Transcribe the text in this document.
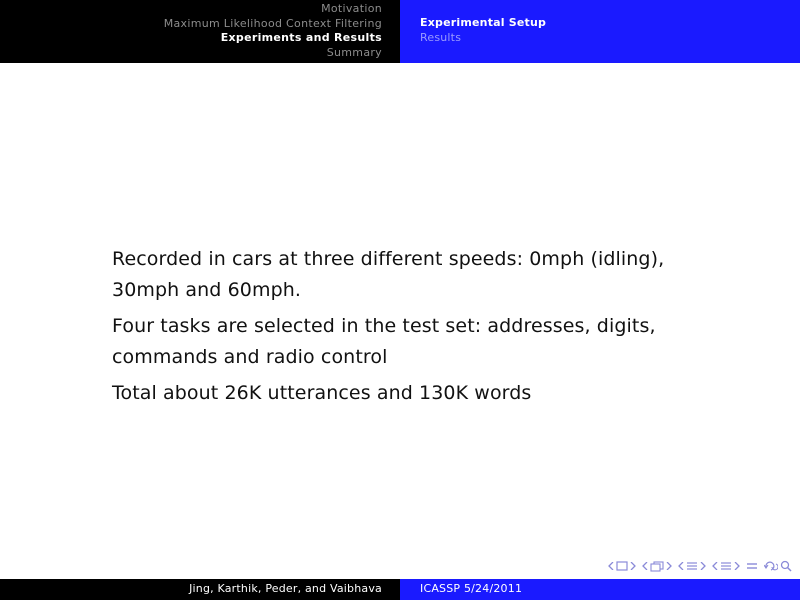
Motivation
Maximum Likelihood Context Filtering
Experiments and Results
Summary
Experimental Setup
Results
Recorded in cars at three different speeds: 0mph (idling), 30mph and 60mph.
Four tasks are selected in the test set: addresses, digits, commands and radio control
Total about 26K utterances and 130K words
Jing, Karthik, Peder, and Vaibhava	ICASSP 5/24/2011
